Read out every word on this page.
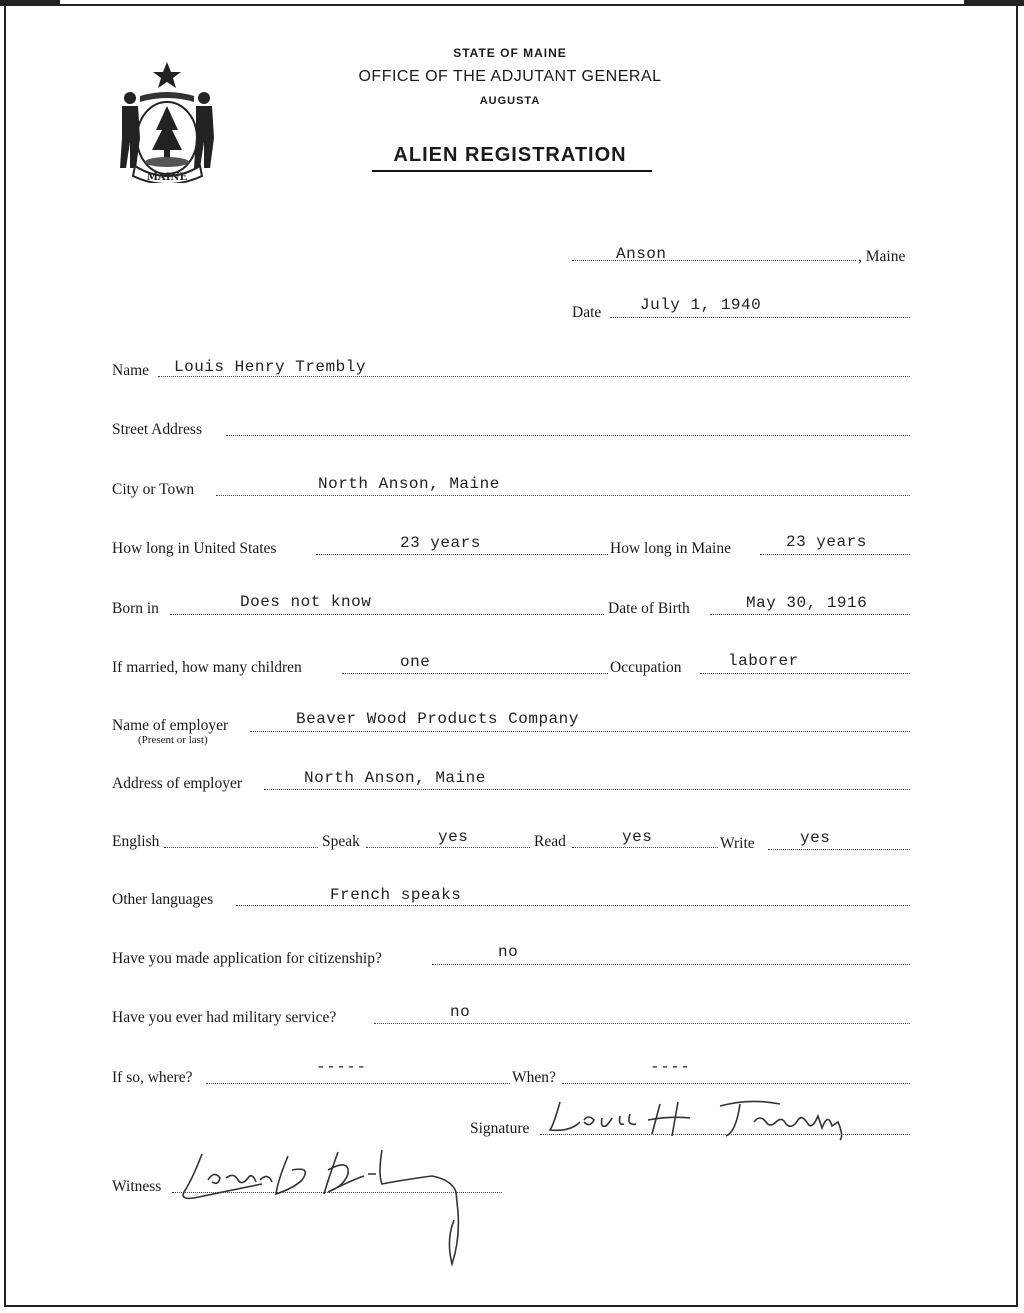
MAINE
STATE OF MAINE
OFFICE OF THE ADJUTANT GENERAL
AUGUSTA
ALIEN REGISTRATION
Anson	, Maine
Date July 1, 1940
Name Louis Henry Trembly
Street Address
City or Town	North Anson, Maine
How long in United States	23 years	How long in Maine	23 years
Born in	Does not know	Date of Birth	May 30, 1916
If married, how many children	one	Occupation	laborer
Name of employer
(Present or last)
Beaver Wood Products Company
Address of employer	North Anson, Maine
English	Speak	yes	Read	yes	Write	yes
Other languages	French speaks
Have you made application for citizenship?	no
Have you ever had military service?	no
If so, where?
-----
When?
----
Signature
Witness
